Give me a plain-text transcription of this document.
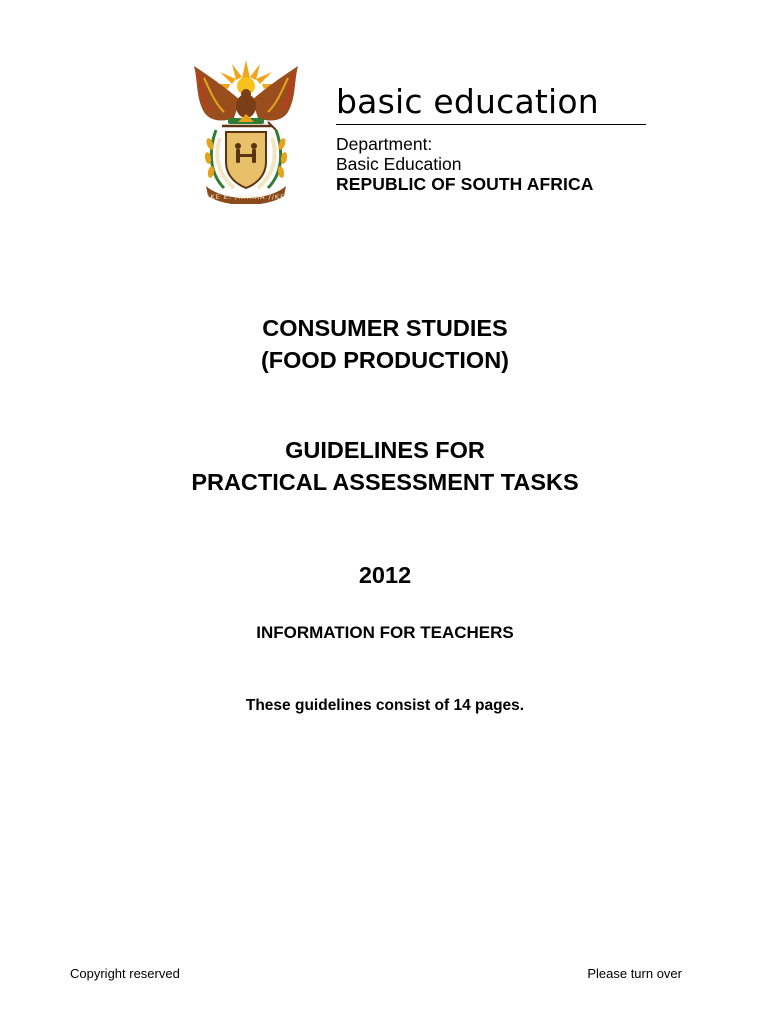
!KE E: /XARRA //KE
basic education
Department:
Basic Education
REPUBLIC OF SOUTH AFRICA
CONSUMER STUDIES
(FOOD PRODUCTION)
GUIDELINES FOR
PRACTICAL ASSESSMENT TASKS
2012
INFORMATION FOR TEACHERS
These guidelines consist of 14 pages.
Copyright reserved	Please turn over
